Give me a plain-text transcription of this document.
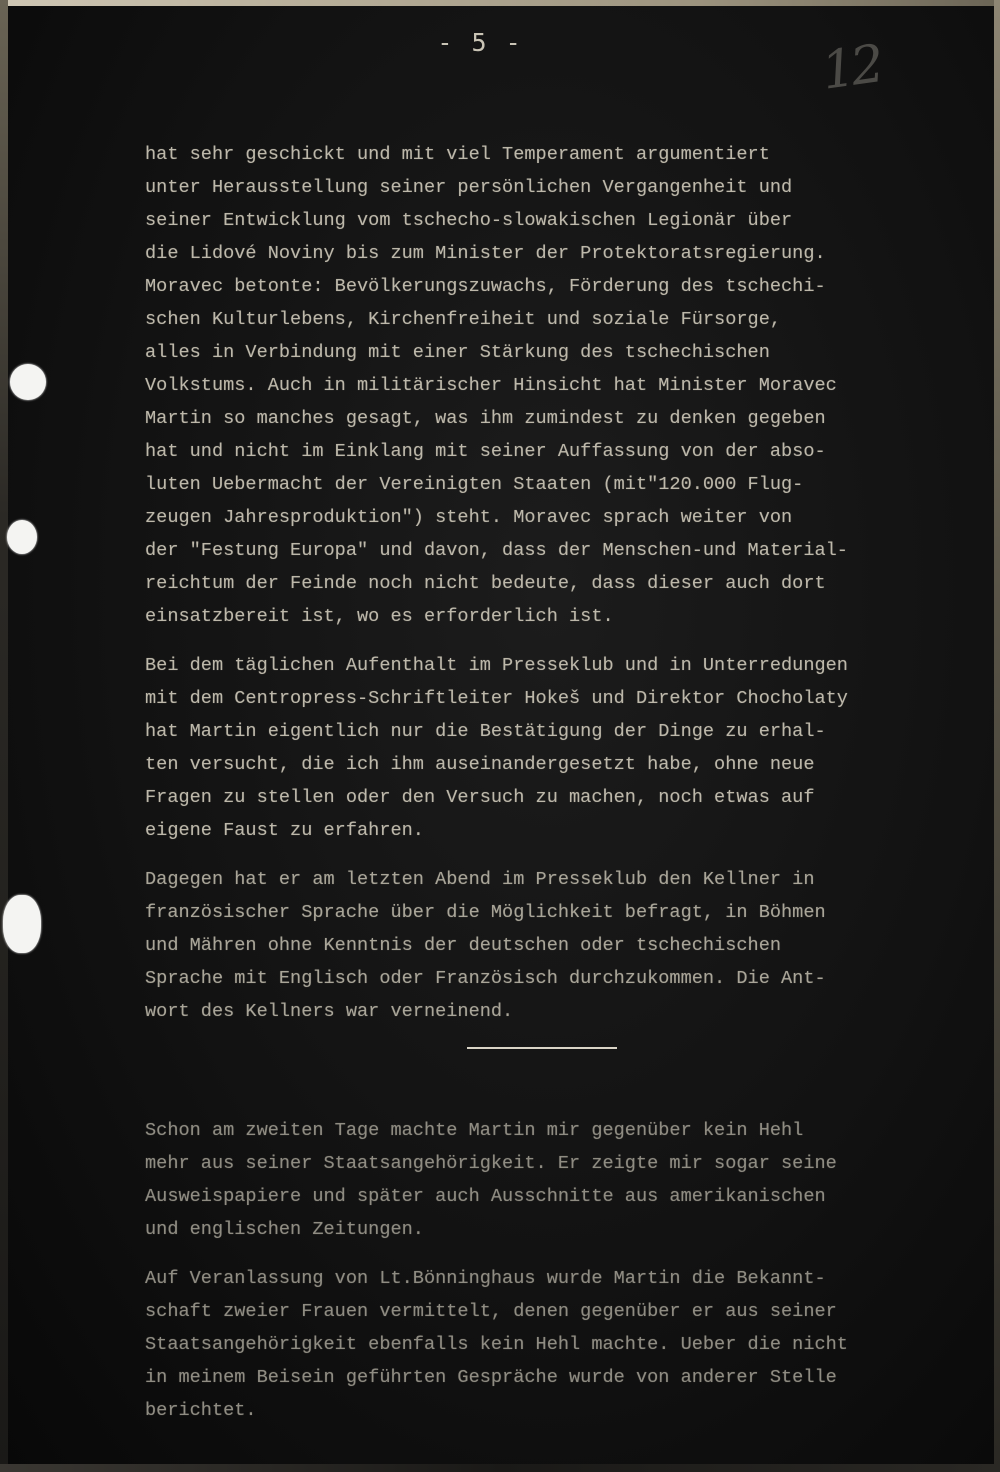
- 5 -	12
hat sehr geschickt und mit viel Temperament argumentiert
unter Herausstellung seiner persönlichen Vergangenheit und
seiner Entwicklung vom tschecho-slowakischen Legionär über
die Lidové Noviny bis zum Minister der Protektoratsregierung.
Moravec betonte: Bevölkerungszuwachs, Förderung des tschechi-
schen Kulturlebens, Kirchenfreiheit und soziale Fürsorge,
alles in Verbindung mit einer Stärkung des tschechischen
Volkstums. Auch in militärischer Hinsicht hat Minister Moravec
Martin so manches gesagt, was ihm zumindest zu denken gegeben
hat und nicht im Einklang mit seiner Auffassung von der abso-
luten Uebermacht der Vereinigten Staaten (mit"120.000 Flug-
zeugen Jahresproduktion") steht. Moravec sprach weiter von
der "Festung Europa" und davon, dass der Menschen-und Material-
reichtum der Feinde noch nicht bedeute, dass dieser auch dort
einsatzbereit ist, wo es erforderlich ist.
Bei dem täglichen Aufenthalt im Presseklub und in Unterredungen
mit dem Centropress-Schriftleiter Hokeš und Direktor Chocholaty
hat Martin eigentlich nur die Bestätigung der Dinge zu erhal-
ten versucht, die ich ihm auseinandergesetzt habe, ohne neue
Fragen zu stellen oder den Versuch zu machen, noch etwas auf
eigene Faust zu erfahren.
Dagegen hat er am letzten Abend im Presseklub den Kellner in
französischer Sprache über die Möglichkeit befragt, in Böhmen
und Mähren ohne Kenntnis der deutschen oder tschechischen
Sprache mit Englisch oder Französisch durchzukommen. Die Ant-
wort des Kellners war verneinend.
Schon am zweiten Tage machte Martin mir gegenüber kein Hehl
mehr aus seiner Staatsangehörigkeit. Er zeigte mir sogar seine
Ausweispapiere und später auch Ausschnitte aus amerikanischen
und englischen Zeitungen.
Auf Veranlassung von Lt.Bönninghaus wurde Martin die Bekannt-
schaft zweier Frauen vermittelt, denen gegenüber er aus seiner
Staatsangehörigkeit ebenfalls kein Hehl machte. Ueber die nicht
in meinem Beisein geführten Gespräche wurde von anderer Stelle
berichtet.
